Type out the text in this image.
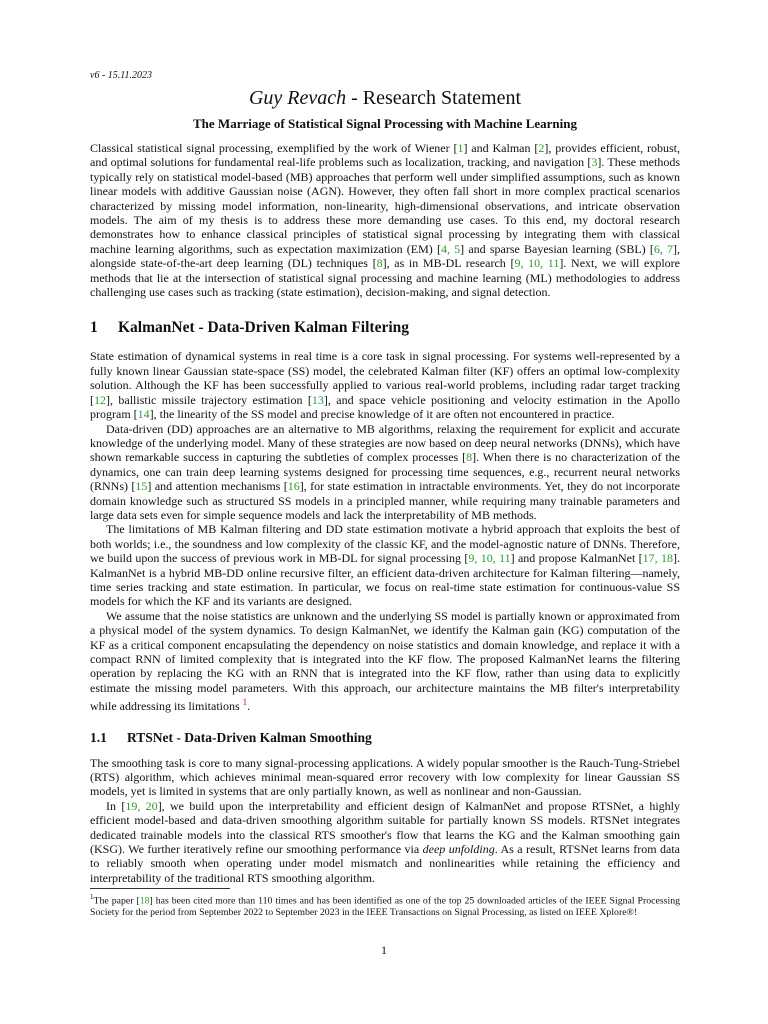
v6 - 15.11.2023
Guy Revach - Research Statement
The Marriage of Statistical Signal Processing with Machine Learning

Classical statistical signal processing, exemplified by the work of Wiener [1] and Kalman [2], provides efficient, robust, and optimal solutions for fundamental real-life problems such as localization, tracking, and navigation [3]. These methods typically rely on statistical model-based (MB) approaches that perform well under simplified assumptions, such as known linear models with additive Gaussian noise (AGN). However, they often fall short in more complex practical scenarios characterized by missing model information, non-linearity, high-dimensional observations, and intricate observation models. The aim of my thesis is to address these more demanding use cases. To this end, my doctoral research demonstrates how to enhance classical principles of statistical signal processing by integrating them with classical machine learning algorithms, such as expectation maximization (EM) [4, 5] and sparse Bayesian learning (SBL) [6, 7], alongside state-of-the-art deep learning (DL) techniques [8], as in MB-DL research [9, 10, 11]. Next, we will explore methods that lie at the intersection of statistical signal processing and machine learning (ML) methodologies to address challenging use cases such as tracking (state estimation), decision-making, and signal detection.

1 KalmanNet - Data-Driven Kalman Filtering

State estimation of dynamical systems in real time is a core task in signal processing. For systems well-represented by a fully known linear Gaussian state-space (SS) model, the celebrated Kalman filter (KF) offers an optimal low-complexity solution. Although the KF has been successfully applied to various real-world problems, including radar target tracking [12], ballistic missile trajectory estimation [13], and space vehicle positioning and velocity estimation in the Apollo program [14], the linearity of the SS model and precise knowledge of it are often not encountered in practice.

Data-driven (DD) approaches are an alternative to MB algorithms, relaxing the requirement for explicit and accurate knowledge of the underlying model. Many of these strategies are now based on deep neural networks (DNNs), which have shown remarkable success in capturing the subtleties of complex processes [8]. When there is no characterization of the dynamics, one can train deep learning systems designed for processing time sequences, e.g., recurrent neural networks (RNNs) [15] and attention mechanisms [16], for state estimation in intractable environments. Yet, they do not incorporate domain knowledge such as structured SS models in a principled manner, while requiring many trainable parameters and large data sets even for simple sequence models and lack the interpretability of MB methods.

The limitations of MB Kalman filtering and DD state estimation motivate a hybrid approach that exploits the best of both worlds; i.e., the soundness and low complexity of the classic KF, and the model-agnostic nature of DNNs. Therefore, we build upon the success of previous work in MB-DL for signal processing [9, 10, 11] and propose KalmanNet [17, 18]. KalmanNet is a hybrid MB-DD online recursive filter, an efficient data-driven architecture for Kalman filtering—namely, time series tracking and state estimation. In particular, we focus on real-time state estimation for continuous-value SS models for which the KF and its variants are designed.

We assume that the noise statistics are unknown and the underlying SS model is partially known or approximated from a physical model of the system dynamics. To design KalmanNet, we identify the Kalman gain (KG) computation of the KF as a critical component encapsulating the dependency on noise statistics and domain knowledge, and replace it with a compact RNN of limited complexity that is integrated into the KF flow. The proposed KalmanNet learns the filtering operation by replacing the KG with an RNN that is integrated into the KF flow, rather than using data to explicitly estimate the missing model parameters. With this approach, our architecture maintains the MB filter's interpretability while addressing its limitations $^1$.

1.1 RTSNet - Data-Driven Kalman Smoothing

The smoothing task is core to many signal-processing applications. A widely popular smoother is the Rauch-Tung-Striebel (RTS) algorithm, which achieves minimal mean-squared error recovery with low complexity for linear Gaussian SS models, yet is limited in systems that are only partially known, as well as nonlinear and non-Gaussian.

In [19, 20], we build upon the interpretability and efficient design of KalmanNet and propose RTSNet, a highly efficient model-based and data-driven smoothing algorithm suitable for partially known SS models. RTSNet integrates dedicated trainable models into the classical RTS smoother's flow that learns the KG and the Kalman smoothing gain (KSG). We further iteratively refine our smoothing performance via deep unfolding. As a result, RTSNet learns from data to reliably smooth when operating under model mismatch and nonlinearities while retaining the efficiency and interpretability of the traditional RTS smoothing algorithm.

$^1$The paper [18] has been cited more than 110 times and has been identified as one of the top 25 downloaded articles of the IEEE Signal Processing Society for the period from September 2022 to September 2023 in the IEEE Transactions on Signal Processing, as listed on IEEE Xplore®!
1
